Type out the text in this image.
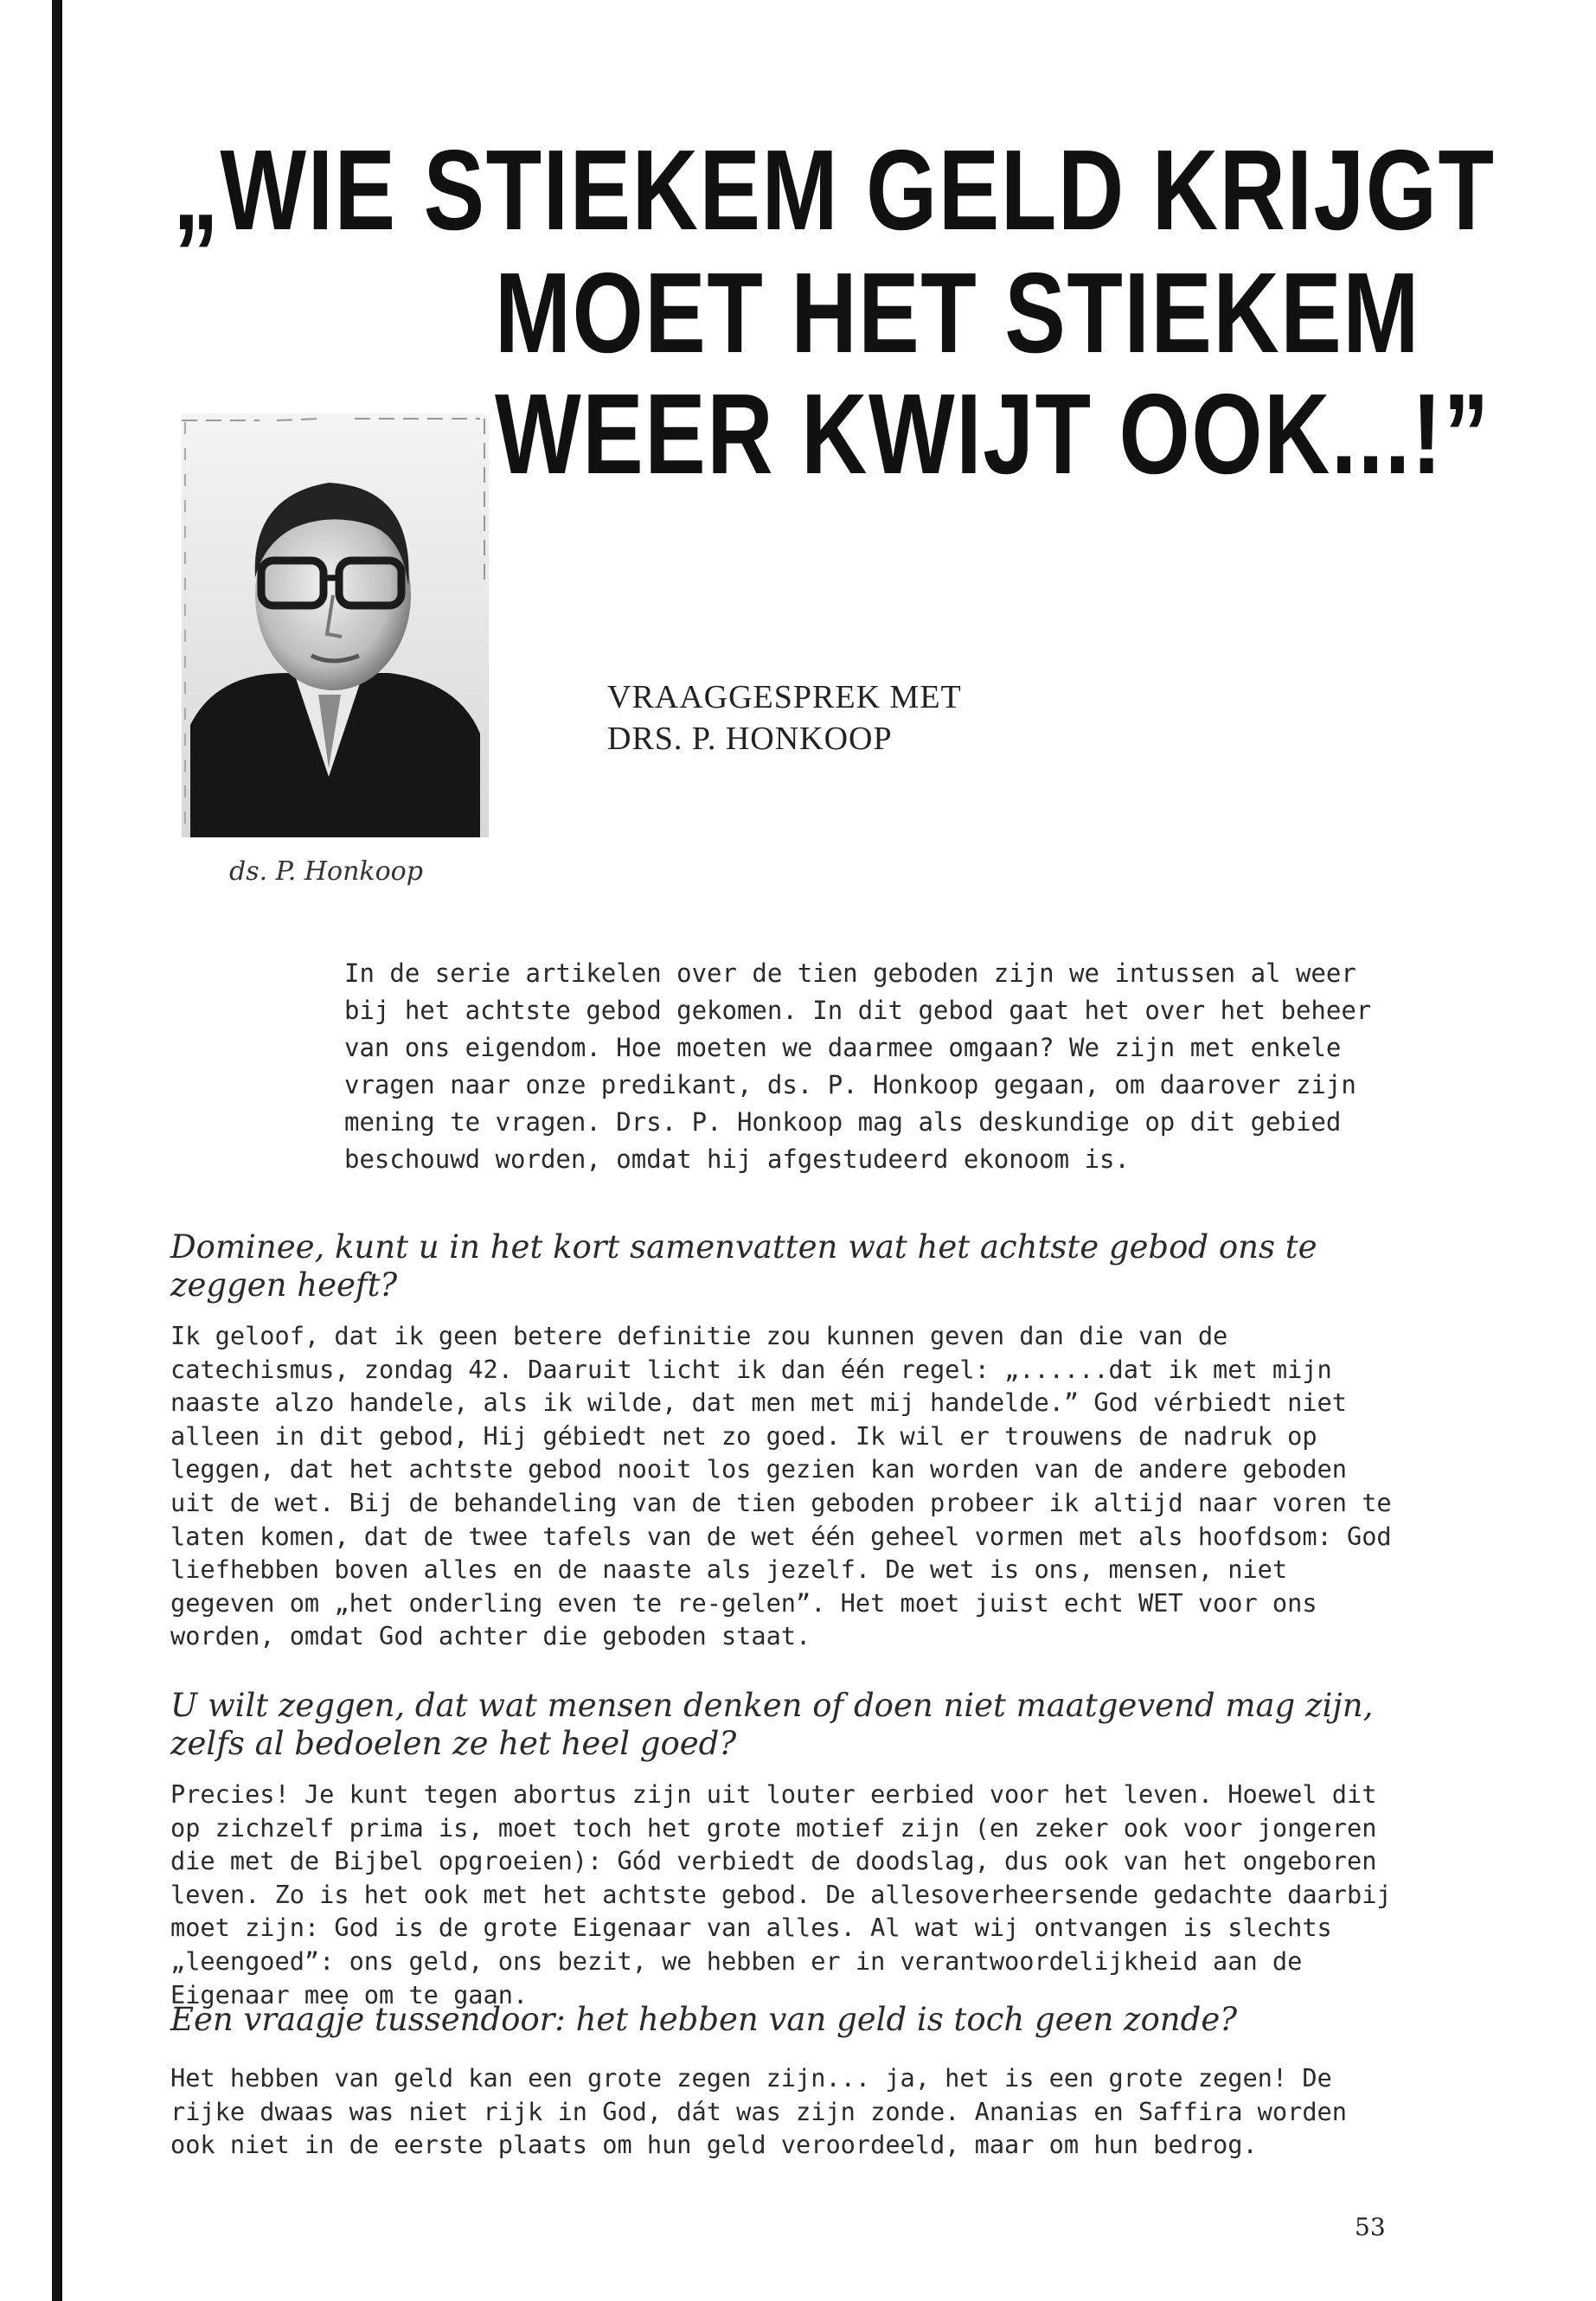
„WIE STIEKEM GELD KRIJGT
MOET HET STIEKEM
WEER KWIJT OOK...!”
VRAAGGESPREK MET
DRS. P. HONKOOP
ds. P. Honkoop

In de serie artikelen over de tien geboden zijn we intussen al weer bij het achtste gebod gekomen. In dit gebod gaat het over het beheer van ons eigendom. Hoe moeten we daarmee omgaan? We zijn met enkele vragen naar onze predikant, ds. P. Honkoop gegaan, om daarover zijn mening te vragen. Drs. P. Honkoop mag als deskundige op dit gebied beschouwd worden, omdat hij afgestudeerd ekonoom is.

Dominee, kunt u in het kort samenvatten wat het achtste gebod ons te zeggen heeft?

Ik geloof, dat ik geen betere definitie zou kunnen geven dan die van de catechismus, zondag 42. Daaruit licht ik dan één regel: „......dat ik met mijn naaste alzo handele, als ik wilde, dat men met mij handelde.” God vérbiedt niet alleen in dit gebod, Hij gébiedt net zo goed. Ik wil er trouwens de nadruk op leggen, dat het achtste gebod nooit los gezien kan worden van de andere geboden uit de wet. Bij de behandeling van de tien geboden probeer ik altijd naar voren te laten komen, dat de twee tafels van de wet één geheel vormen met als hoofdsom: God liefhebben boven alles en de naaste als jezelf. De wet is ons, mensen, niet gegeven om „het onderling even te re-gelen”. Het moet juist echt WET voor ons worden, omdat God achter die geboden staat.

U wilt zeggen, dat wat mensen denken of doen niet maatgevend mag zijn, zelfs al bedoelen ze het heel goed?

Precies! Je kunt tegen abortus zijn uit louter eerbied voor het leven. Hoewel dit op zichzelf prima is, moet toch het grote motief zijn (en zeker ook voor jongeren die met de Bijbel opgroeien): Gód verbiedt de doodslag, dus ook van het ongeboren leven. Zo is het ook met het achtste gebod. De allesoverheersende gedachte daarbij moet zijn: God is de grote Eigenaar van alles. Al wat wij ontvangen is slechts „leengoed”: ons geld, ons bezit, we hebben er in verantwoordelijkheid aan de Eigenaar mee om te gaan.

Een vraagje tussendoor: het hebben van geld is toch geen zonde?

Het hebben van geld kan een grote zegen zijn... ja, het is een grote zegen! De rijke dwaas was niet rijk in God, dát was zijn zonde. Ananias en Saffira worden ook niet in de eerste plaats om hun geld veroordeeld, maar om hun bedrog.

53
